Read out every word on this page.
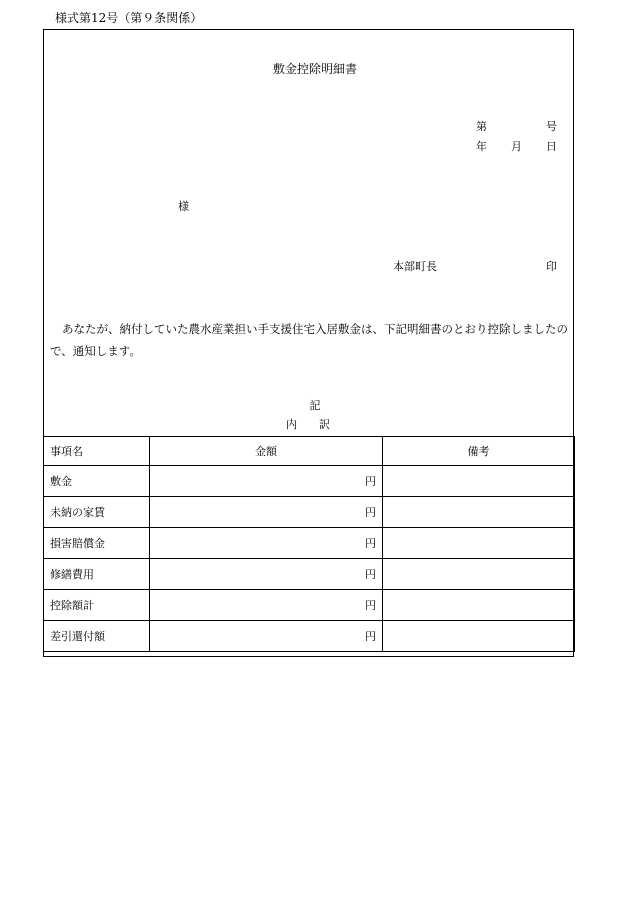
様式第12号（第９条関係）
敷金控除明細書
第	号
年 月 日
様
本部町長	印
あなたが、納付していた農水産業担い手支援住宅入居敷金は、下記明細書のとおり控除しましたので、通知します。
記
内 訳
事項名	金額	備考
敷金	円	
未納の家賃	円	
損害賠償金	円	
修繕費用	円	
控除額計	円	
差引還付額	円	
